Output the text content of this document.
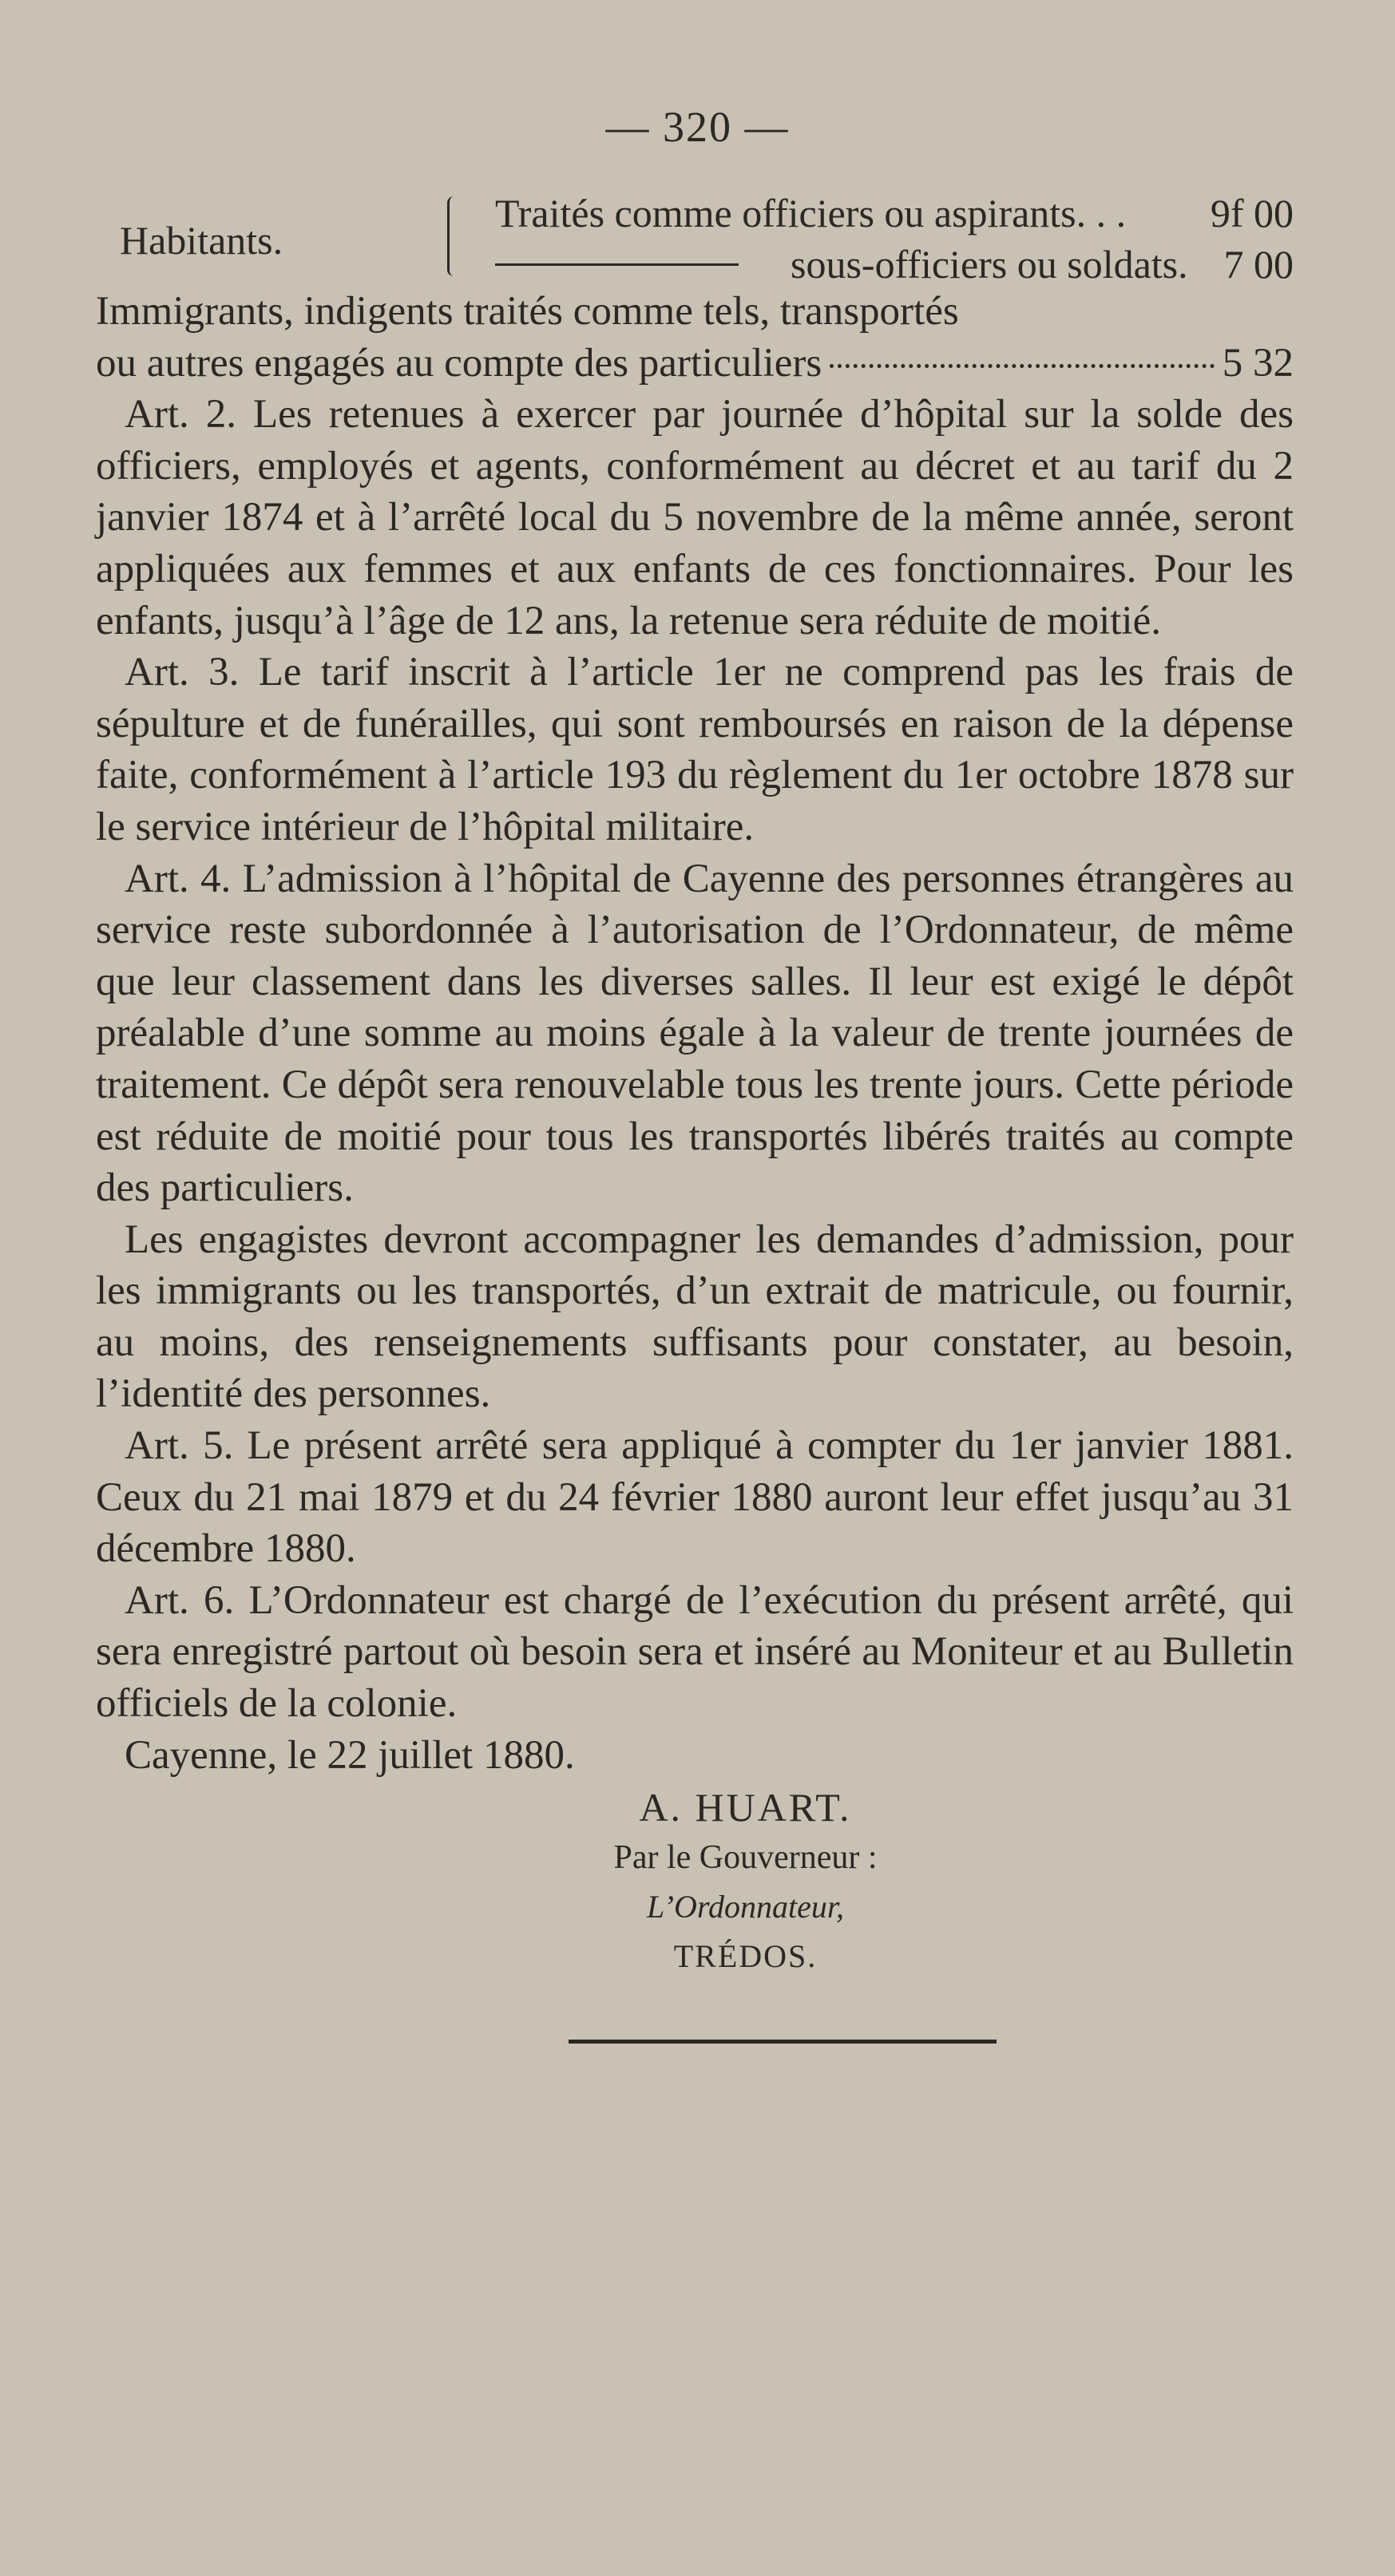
— 320 —
Habitants.
Traités comme officiers ou aspirants. . . 9f 00
sous-officiers ou soldats. 7 00

Immigrants, indigents traités comme tels, transportés

ou autres engagés au compte des particuliers	5 32

Art. 2. Les retenues à exercer par journée d’hôpital sur la solde des officiers, employés et agents, conformément au décret et au tarif du 2 janvier 1874 et à l’arrêté local du 5 novembre de la même année, seront appliquées aux femmes et aux enfants de ces fonctionnaires. Pour les enfants, jusqu’à l’âge de 12 ans, la retenue sera réduite de moitié.

Art. 3. Le tarif inscrit à l’article 1er ne comprend pas les frais de sépulture et de funérailles, qui sont remboursés en raison de la dépense faite, conformément à l’article 193 du règlement du 1er octobre 1878 sur le service intérieur de l’hôpital militaire.

Art. 4. L’admission à l’hôpital de Cayenne des personnes étrangères au service reste subordonnée à l’autorisation de l’Ordonnateur, de même que leur classement dans les diverses salles. Il leur est exigé le dépôt préalable d’une somme au moins égale à la valeur de trente journées de traitement. Ce dépôt sera renouvelable tous les trente jours. Cette période est réduite de moitié pour tous les transportés libérés traités au compte des particuliers.

Les engagistes devront accompagner les demandes d’admission, pour les immigrants ou les transportés, d’un extrait de matricule, ou fournir, au moins, des renseignements suffisants pour constater, au besoin, l’identité des personnes.

Art. 5. Le présent arrêté sera appliqué à compter du 1er janvier 1881. Ceux du 21 mai 1879 et du 24 février 1880 auront leur effet jusqu’au 31 décembre 1880.

Art. 6. L’Ordonnateur est chargé de l’exécution du présent arrêté, qui sera enregistré partout où besoin sera et inséré au Moniteur et au Bulletin officiels de la colonie.

Cayenne, le 22 juillet 1880.

A. HUART.
Par le Gouverneur :
L’Ordonnateur,
TRÉDOS.
